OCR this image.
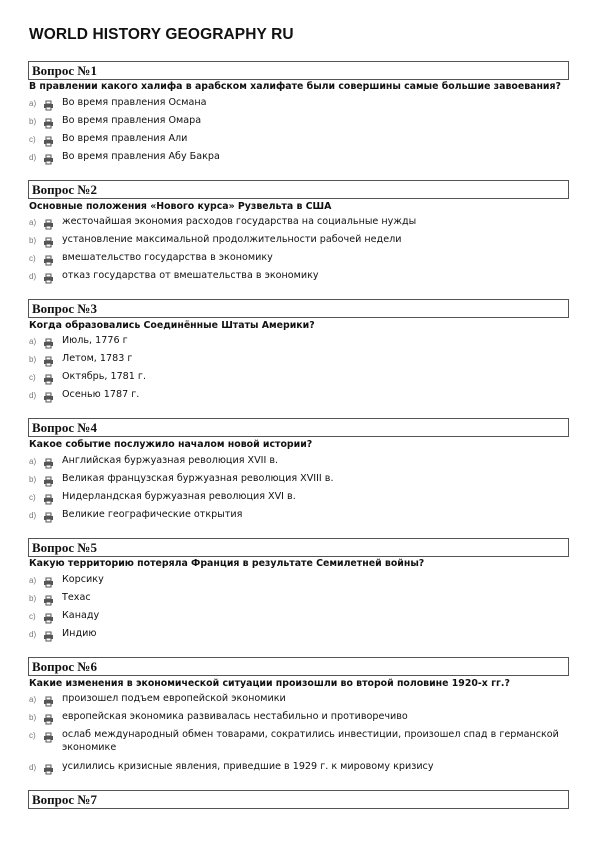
WORLD HISTORY GEOGRAPHY RU
Вопрос №1
В правлении какого халифа в арабском халифате были совершины самые большие завоевания?
a)	Во время правления Османа
b)	Во время правления Омара
c)	Во время правления Али
d)	Во время правления Абу Бакра
Вопрос №2
Основные положения «Нового курса» Рузвельта в США
a)	жесточайшая экономия расходов государства на социальные нужды
b)	установление максимальной продолжительности рабочей недели
c)	вмешательство государства в экономику
d)	отказ государства от вмешательства в экономику
Вопрос №3
Когда образовались Соединённые Штаты Америки?
a)	Июль, 1776 г
b)	Летом, 1783 г
c)	Октябрь, 1781 г.
d)	Осенью 1787 г.
Вопрос №4
Какое событие послужило началом новой истории?
a)	Английская буржуазная революция XVII в.
b)	Великая французская буржуазная революция XVIII в.
c)	Нидерландская буржуазная революция XVI в.
d)	Великие географические открытия
Вопрос №5
Какую территорию потеряла Франция в результате Семилетней войны?
a)	Корсику
b)	Техас
c)	Канаду
d)	Индию
Вопрос №6
Какие изменения в экономической ситуации произошли во второй половине 1920-х гг.?
a)	произошел подъем европейской экономики
b)	европейская экономика развивалась нестабильно и противоречиво
c)	ослаб международный обмен товарами, сократились инвестиции, произошел спад в германской экономике
d)	усилились кризисные явления, приведшие в 1929 г. к мировому кризису
Вопрос №7
